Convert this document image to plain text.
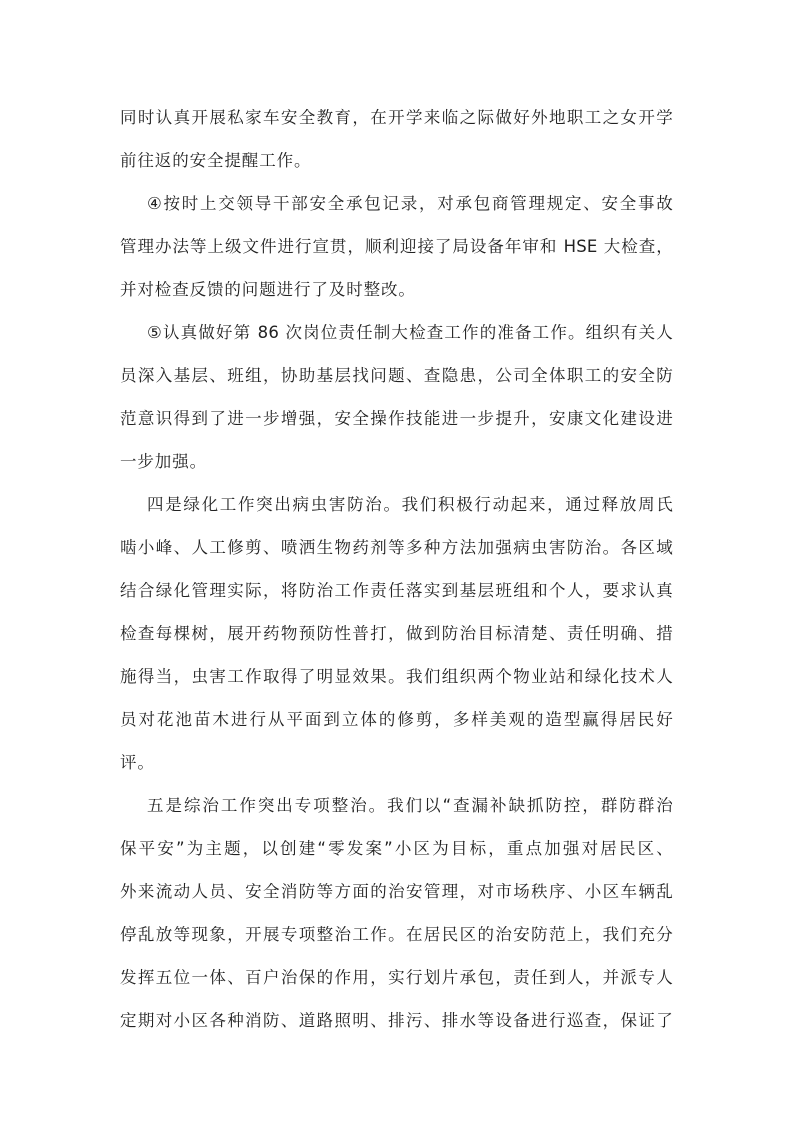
同时认真开展私家车安全教育，在开学来临之际做好外地职工之女开学

前往返的安全提醒工作。

④按时上交领导干部安全承包记录，对承包商管理规定、安全事故

管理办法等上级文件进行宣贯，顺利迎接了局设备年审和 HSE 大检查，

并对检查反馈的问题进行了及时整改。

⑤认真做好第 86 次岗位责任制大检查工作的准备工作。组织有关人

员深入基层、班组，协助基层找问题、查隐患，公司全体职工的安全防

范意识得到了进一步增强，安全操作技能进一步提升，安康文化建设进

一步加强。

四是绿化工作突出病虫害防治。我们积极行动起来，通过释放周氏

啮小峰、人工修剪、喷洒生物药剂等多种方法加强病虫害防治。各区域

结合绿化管理实际，将防治工作责任落实到基层班组和个人，要求认真

检查每棵树，展开药物预防性普打，做到防治目标清楚、责任明确、措

施得当，虫害工作取得了明显效果。我们组织两个物业站和绿化技术人

员对花池苗木进行从平面到立体的修剪，多样美观的造型赢得居民好

评。

五是综治工作突出专项整治。我们以“查漏补缺抓防控，群防群治

保平安”为主题，以创建“零发案”小区为目标，重点加强对居民区、

外来流动人员、安全消防等方面的治安管理，对市场秩序、小区车辆乱

停乱放等现象，开展专项整治工作。在居民区的治安防范上，我们充分

发挥五位一体、百户治保的作用，实行划片承包，责任到人，并派专人

定期对小区各种消防、道路照明、排污、排水等设备进行巡查，保证了
